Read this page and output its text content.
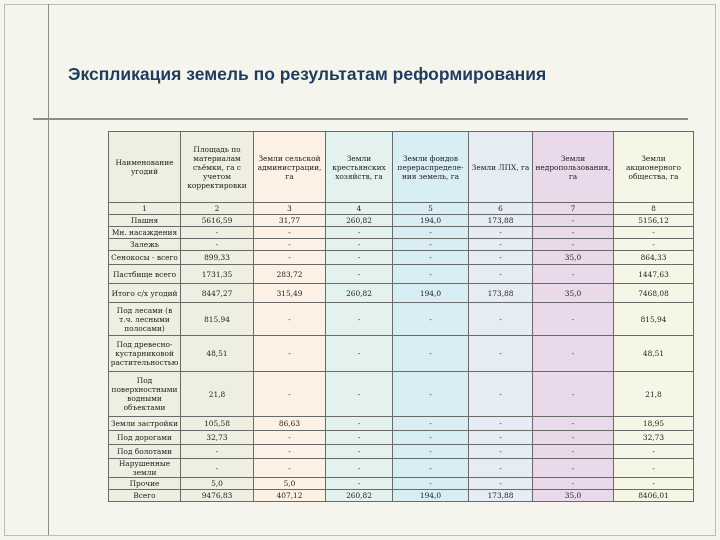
Экспликация земель по результатам реформирования
Наименование угодий	Площадь по материалам съёмки, га с учетом корректировки	Земли сельской администрации, га	Земли крестьянских хозяйств, га	Земли фондов перераспределе-ния земель, га	Земли ЛПХ, га	Земли недропользования, га	Земли акционерного общества, га
1	2	3	4	5	6	7	8
Пашня	5616,59	31,77	260,82	194,0	173,88	-	5156,12
Мн. насаждения	-	-	-	-	-	-	-
Залежь	-	-	-	-	-	-	-
Сенокосы - всего	899,33	-	-	-	-	35,0	864,33
Пастбище всего	1731,35	283,72	-	-	-	-	1447,63
Итого с/х угодий	8447,27	315,49	260,82	194,0	173,88	35,0	7468,08
Под лесами (в т.ч. лесными полосами)	815,94	-	-	-	-	-	815,94
Под древесно-кустарниковой растительностью	48,51	-	-	-	-	-	48,51
Под поверхностными водными объектами	21,8	-	-	-	-	-	21,8
Земли застройки	105,58	86,63	-	-	-	-	18,95
Под дорогами	32,73	-	-	-	-	-	32,73
Под болотами	-	-	-	-	-	-	-
Нарушенные земли	-	-	-	-	-	-	-
Прочие	5,0	5,0	-	-	-	-	-
Всего	9476,83	407,12	260,82	194,0	173,88	35,0	8406,01
